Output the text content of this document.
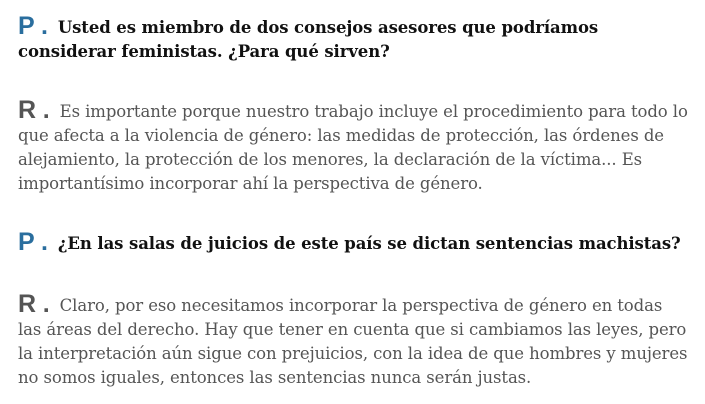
P . Usted es miembro de dos consejos asesores que podríamos considerar feministas. ¿Para qué sirven?

R . Es importante porque nuestro trabajo incluye el procedimiento para todo lo que afecta a la violencia de género: las medidas de protección, las órdenes de alejamiento, la protección de los menores, la declaración de la víctima... Es importantísimo incorporar ahí la perspectiva de género.

P . ¿En las salas de juicios de este país se dictan sentencias machistas?

R . Claro, por eso necesitamos incorporar la perspectiva de género en todas las áreas del derecho. Hay que tener en cuenta que si cambiamos las leyes, pero la interpretación aún sigue con prejuicios, con la idea de que hombres y mujeres no somos iguales, entonces las sentencias nunca serán justas.
